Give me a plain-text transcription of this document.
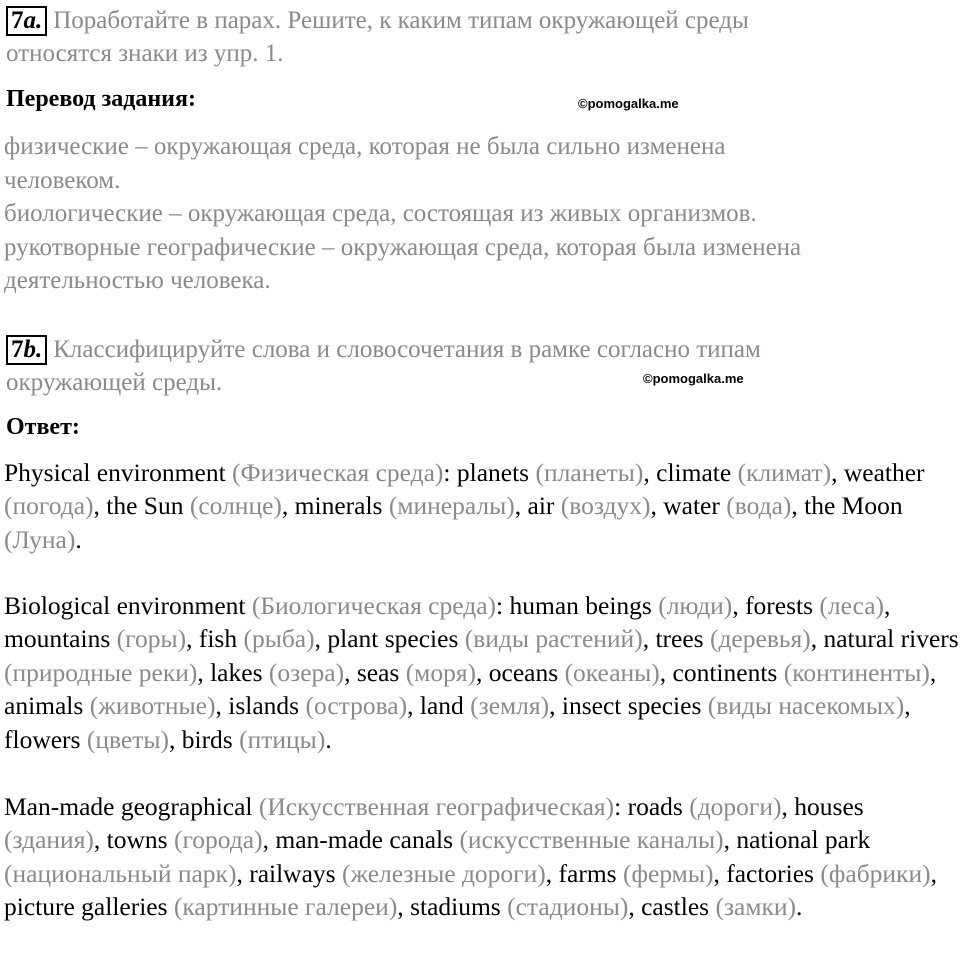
7a. Поработайте в парах. Решите, к каким типам окружающей среды
относятся знаки из упр. 1.
Перевод задания:	©pomogalka.me
физические – окружающая среда, которая не была сильно изменена
человеком.
биологические – окружающая среда, состоящая из живых организмов.
рукотворные географические – окружающая среда, которая была изменена
деятельностью человека.
7b. Классифицируйте слова и словосочетания в рамке согласно типам
окружающей среды.	©pomogalka.me
Ответ:
Physical environment (Физическая среда): planets (планеты), climate (климат), weather (погода), the Sun (солнце), minerals (минералы), air (воздух), water (вода), the Moon (Луна).
Biological environment (Биологическая среда): human beings (люди), forests (леса), mountains (горы), fish (рыба), plant species (виды растений), trees (деревья), natural rivers (природные реки), lakes (озера), seas (моря), oceans (океаны), continents (континенты), animals (животные), islands (острова), land (земля), insect species (виды насекомых), flowers (цветы), birds (птицы).
Man-made geographical (Искусственная географическая): roads (дороги), houses (здания), towns (города), man-made canals (искусственные каналы), national park (национальный парк), railways (железные дороги), farms (фермы), factories (фабрики), picture galleries (картинные галереи), stadiums (стадионы), castles (замки).
